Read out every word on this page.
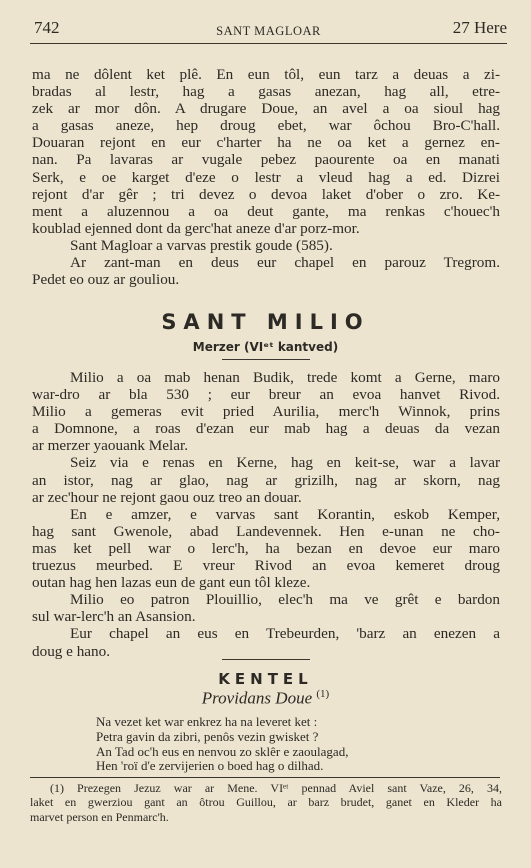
742	SANT MAGLOAR	27 Here
ma ne dôlent ket plê. En eun tôl, eun tarz a deuas a zi-
bradas al lestr, hag a gasas anezan, hag all, etre-
zek ar mor dôn. A drugare Doue, an avel a oa sioul hag
a gasas aneze, hep droug ebet, war ôchou Bro-C'hall.
Douaran rejont en eur c'harter ha ne oa ket a gernez en-
nan. Pa lavaras ar vugale pebez paourente oa en manati
Serk, e oe karget d'eze o lestr a vleud hag a ed. Dizrei
rejont d'ar gêr ; tri devez o devoa laket d'ober o zro. Ke-
ment a aluzennou a oa deut gante, ma renkas c'houec'h
koublad ejenned dont da gerc'hat aneze d'ar porz-mor.
Sant Magloar a varvas prestik goude (585).
Ar zant-man en deus eur chapel en parouz Tregrom.
Pedet eo ouz ar gouliou.
SANT MILIO
Merzer (VIᵉᵗ kantved)
Milio a oa mab henan Budik, trede komt a Gerne, maro
war-dro ar bla 530 ; eur breur an evoa hanvet Rivod.
Milio a gemeras evit pried Aurilia, merc'h Winnok, prins
a Domnone, a roas d'ezan eur mab hag a deuas da vezan
ar merzer yaouank Melar.
Seiz via e renas en Kerne, hag en keit-se, war a lavar
an istor, nag ar glao, nag ar grizilh, nag ar skorn, nag
ar zec'hour ne rejont gaou ouz treo an douar.
En e amzer, e varvas sant Korantin, eskob Kemper,
hag sant Gwenole, abad Landevennek. Hen e-unan ne cho-
mas ket pell war o lerc'h, ha bezan en devoe eur maro
truezus meurbed. E vreur Rivod an evoa kemeret droug
outan hag hen lazas eun de gant eun tôl kleze.
Milio eo patron Plouillio, elec'h ma ve grêt e bardon
sul war-lerc'h an Asansion.
Eur chapel an eus en Trebeurden, 'barz an enezen a
doug e hano.
KENTEL
Providans Doue $^{(1)}$
Na vezet ket war enkrez ha na leveret ket :
Petra gavin da zibri, penôs vezin gwisket ?
An Tad oc'h eus en nenvou zo sklêr e zaoulagad,
Hen 'roï d'e zervijerien o boed hag o dilhad.
(1) Prezegen Jezuz war ar Mene. VIᵉᵗ pennad Aviel sant Vaze, 26, 34,
laket en gwerziou gant an ôtrou Guillou, ar barz brudet, ganet en Kleder ha
marvet person en Penmarc'h.
